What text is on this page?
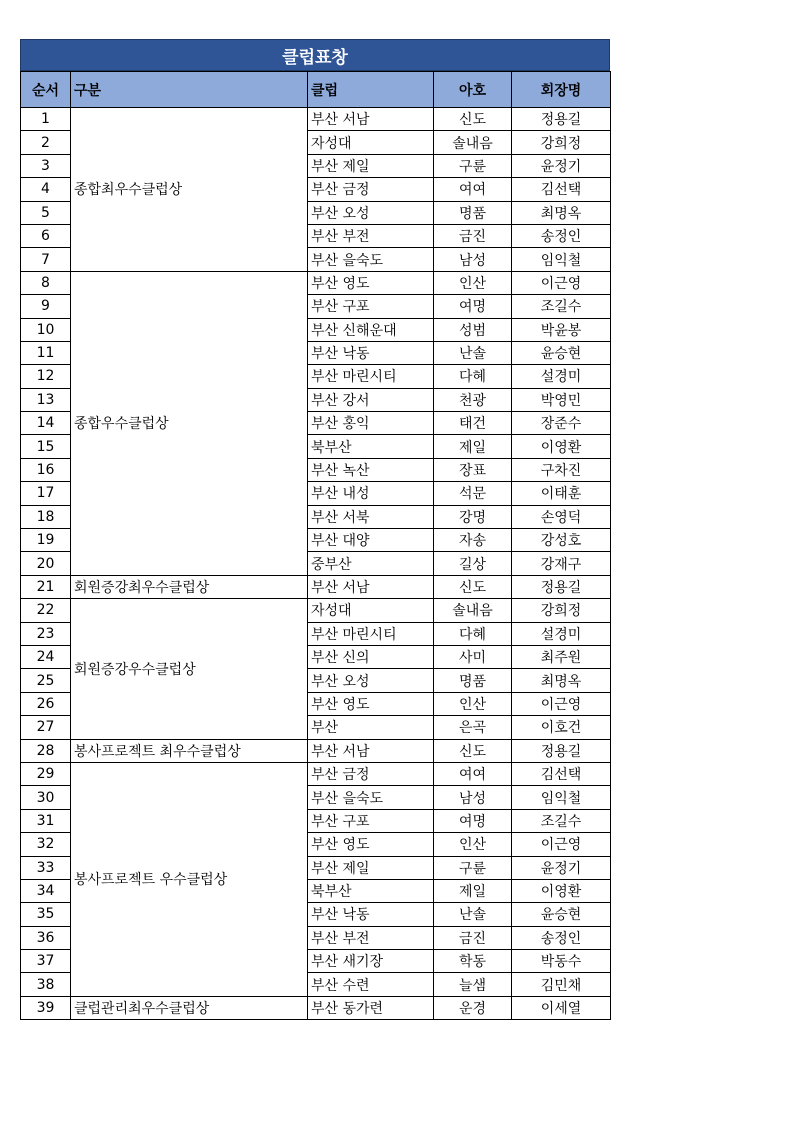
클럽표창
순서	구분	클럽	아호	회장명
1	종합최우수클럽상	부산 서남	신도	정용길
2		자성대	솔내음	강희정
3		부산 제일	구륜	윤정기
4		부산 금정	여여	김선택
5		부산 오성	명품	최명옥
6		부산 부전	금진	송정인
7		부산 을숙도	남성	임익철
8	종합우수클럽상	부산 영도	인산	이근영
9		부산 구포	여명	조길수
10		부산 신해운대	성범	박윤봉
11		부산 낙동	난솔	윤승현
12		부산 마린시티	다혜	설경미
13		부산 강서	천광	박영민
14		부산 홍익	태건	장준수
15		북부산	제일	이영환
16		부산 녹산	장표	구차진
17		부산 내성	석문	이태훈
18		부산 서북	강명	손영덕
19		부산 대양	자송	강성호
20		중부산	길상	강재구
21	회원증강최우수클럽상	부산 서남	신도	정용길
22	회원증강우수클럽상	자성대	솔내음	강희정
23		부산 마린시티	다혜	설경미
24		부산 신의	사미	최주원
25		부산 오성	명품	최명옥
26		부산 영도	인산	이근영
27		부산	은곡	이호건
28	봉사프로젝트 최우수클럽상	부산 서남	신도	정용길
29	봉사프로젝트 우수클럽상	부산 금정	여여	김선택
30		부산 을숙도	남성	임익철
31		부산 구포	여명	조길수
32		부산 영도	인산	이근영
33		부산 제일	구륜	윤정기
34		북부산	제일	이영환
35		부산 낙동	난솔	윤승현
36		부산 부전	금진	송정인
37		부산 새기장	학동	박동수
38		부산 수련	늘샘	김민채
39	클럽관리최우수클럽상	부산 동가련	운경	이세열
